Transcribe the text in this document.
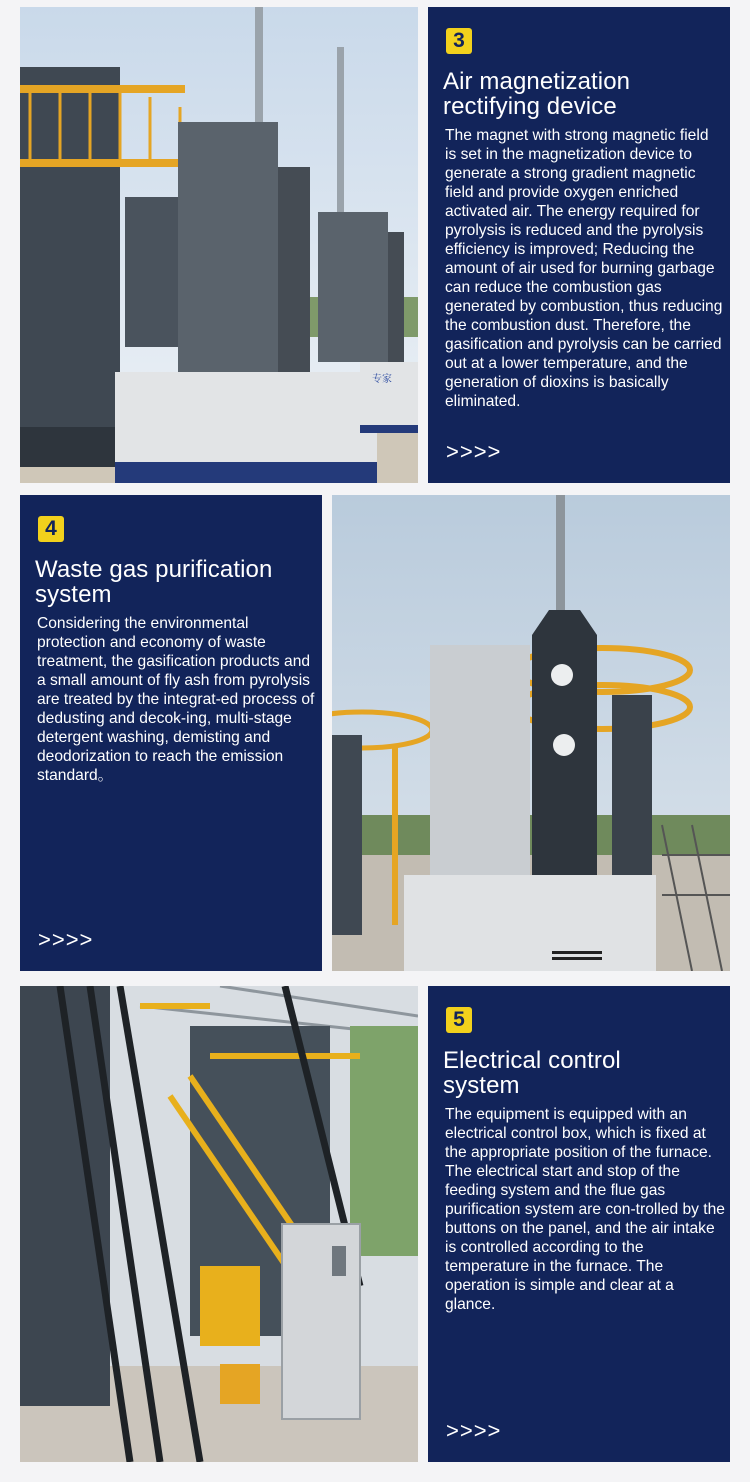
专家
3
Air magnetization
rectifying device

The magnet with strong magnetic field is set in the magnetization device to generate a strong gradient magnetic field and provide oxygen enriched activated air. The energy required for pyrolysis is reduced and the pyrolysis efficiency is improved; Reducing the amount of air used for burning garbage can reduce the combustion gas generated by combustion, thus reducing the combustion dust. Therefore, the gasification and pyrolysis can be carried out at a lower temperature, and the generation of dioxins is basically eliminated.

>>>>
4
Waste gas purification
system

Considering the environmental protection and economy of waste treatment, the gasification products and a small amount of fly ash from pyrolysis are treated by the integrat-ed process of dedusting and decok-ing, multi-stage detergent washing, demisting and deodorization to reach the emission standard。

>>>>
5
Electrical control
system

The equipment is equipped with an electrical control box, which is fixed at the appropriate position of the furnace. The electrical start and stop of the feeding system and the flue gas purification system are con-trolled by the buttons on the panel, and the air intake is controlled according to the temperature in the furnace. The operation is simple and clear at a glance.

>>>>
